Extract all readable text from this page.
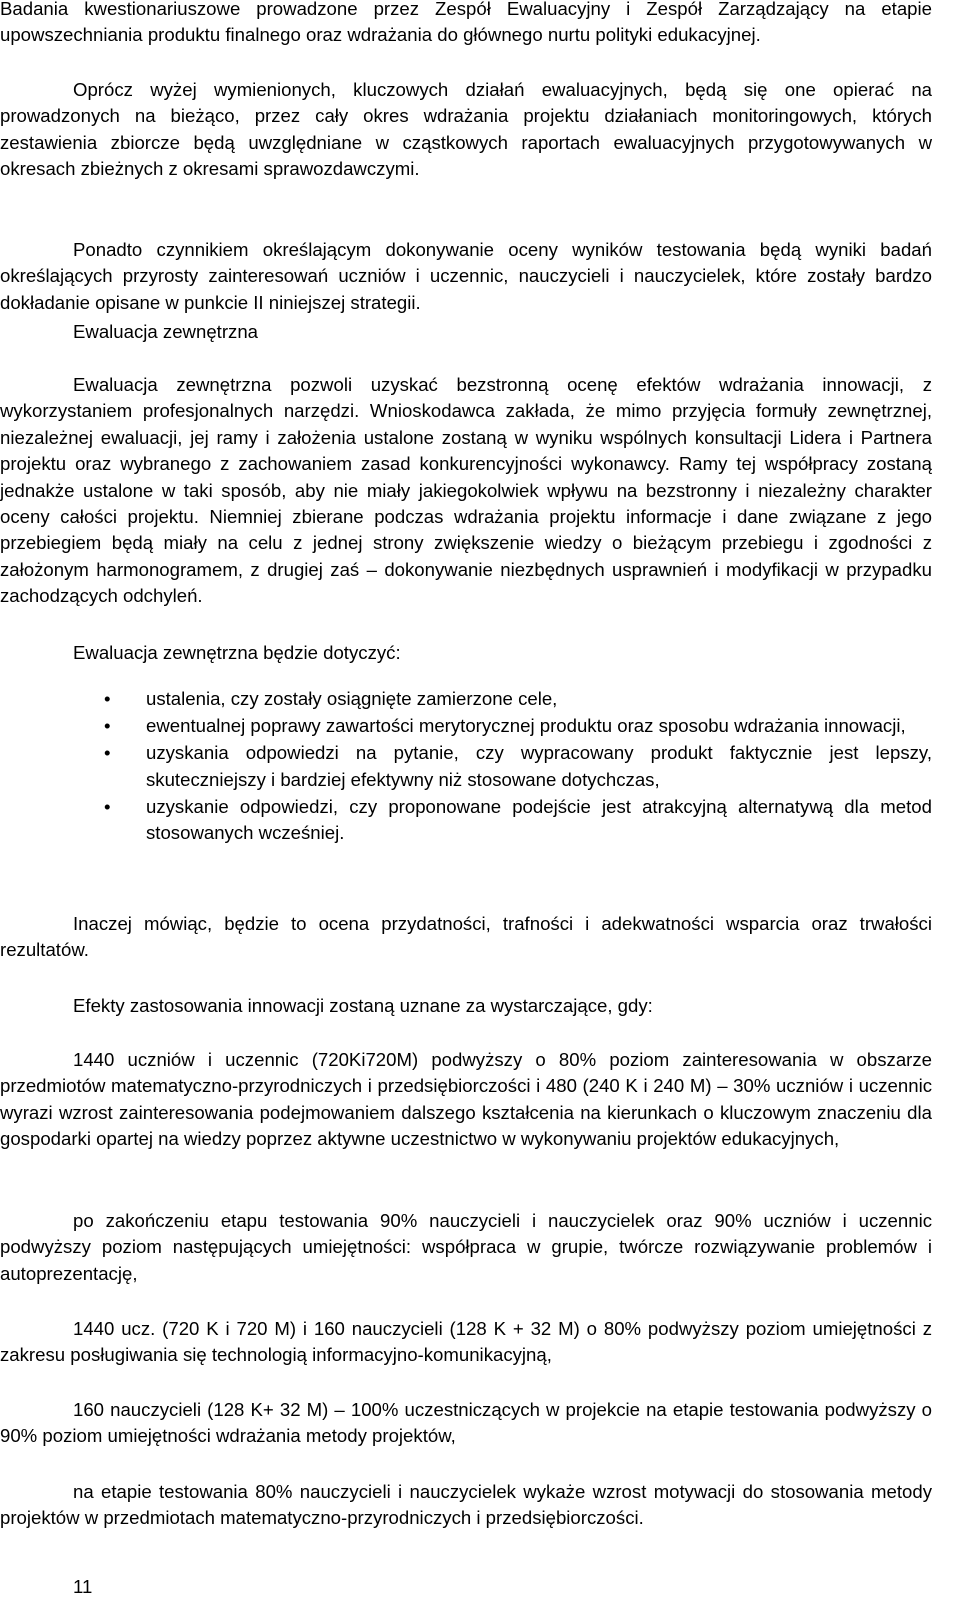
Badania kwestionariuszowe prowadzone przez Zespół Ewaluacyjny i Zespół Zarządzający na etapie upowszechniania produktu finalnego oraz wdrażania do głównego nurtu polityki edukacyjnej.

Oprócz wyżej wymienionych, kluczowych działań ewaluacyjnych, będą się one opierać na prowadzonych na bieżąco, przez cały okres wdrażania projektu działaniach monitoringowych, których zestawienia zbiorcze będą uwzględniane w cząstkowych raportach ewaluacyjnych przygotowywanych w okresach zbieżnych z okresami sprawozdawczymi.

Ponadto czynnikiem określającym dokonywanie oceny wyników testowania będą wyniki badań określających przyrosty zainteresowań uczniów i uczennic, nauczycieli i nauczycielek, które zostały bardzo dokładanie opisane w punkcie II niniejszej strategii.

Ewaluacja zewnętrzna

Ewaluacja zewnętrzna pozwoli uzyskać bezstronną ocenę efektów wdrażania innowacji, z wykorzystaniem profesjonalnych narzędzi. Wnioskodawca zakłada, że mimo przyjęcia formuły zewnętrznej, niezależnej ewaluacji, jej ramy i założenia ustalone zostaną w wyniku wspólnych konsultacji Lidera i Partnera projektu oraz wybranego z zachowaniem zasad konkurencyjności wykonawcy. Ramy tej współpracy zostaną jednakże ustalone w taki sposób, aby nie miały jakiegokolwiek wpływu na bezstronny i niezależny charakter oceny całości projektu. Niemniej zbierane podczas wdrażania projektu informacje i dane związane z jego przebiegiem będą miały na celu z jednej strony zwiększenie wiedzy o bieżącym przebiegu i zgodności z założonym harmonogramem, z drugiej zaś – dokonywanie niezbędnych usprawnień i modyfikacji w przypadku zachodzących odchyleń.

Ewaluacja zewnętrzna będzie dotyczyć:

• ustalenia, czy zostały osiągnięte zamierzone cele,
• ewentualnej poprawy zawartości merytorycznej produktu oraz sposobu wdrażania innowacji,
• uzyskania odpowiedzi na pytanie, czy wypracowany produkt faktycznie jest lepszy, skuteczniejszy i bardziej efektywny niż stosowane dotychczas,
• uzyskanie odpowiedzi, czy proponowane podejście jest atrakcyjną alternatywą dla metod stosowanych wcześniej.

Inaczej mówiąc, będzie to ocena przydatności, trafności i adekwatności wsparcia oraz trwałości rezultatów.

Efekty zastosowania innowacji zostaną uznane za wystarczające, gdy:

1440 uczniów i uczennic (720Ki720M) podwyższy o 80% poziom zainteresowania w obszarze przedmiotów matematyczno-przyrodniczych i przedsiębiorczości i 480 (240 K i 240 M) – 30% uczniów i uczennic wyrazi wzrost zainteresowania podejmowaniem dalszego kształcenia na kierunkach o kluczowym znaczeniu dla gospodarki opartej na wiedzy poprzez aktywne uczestnictwo w wykonywaniu projektów edukacyjnych,

po zakończeniu etapu testowania 90% nauczycieli i nauczycielek oraz 90% uczniów i uczennic podwyższy poziom następujących umiejętności: współpraca w grupie, twórcze rozwiązywanie problemów i autoprezentację,

1440 ucz. (720 K i 720 M) i 160 nauczycieli (128 K + 32 M) o 80% podwyższy poziom umiejętności z zakresu posługiwania się technologią informacyjno-komunikacyjną,

160 nauczycieli (128 K+ 32 M) – 100% uczestniczących w projekcie na etapie testowania podwyższy o 90% poziom umiejętności wdrażania metody projektów,

na etapie testowania 80% nauczycieli i nauczycielek wykaże wzrost motywacji do stosowania metody projektów w przedmiotach matematyczno-przyrodniczych i przedsiębiorczości.

11
